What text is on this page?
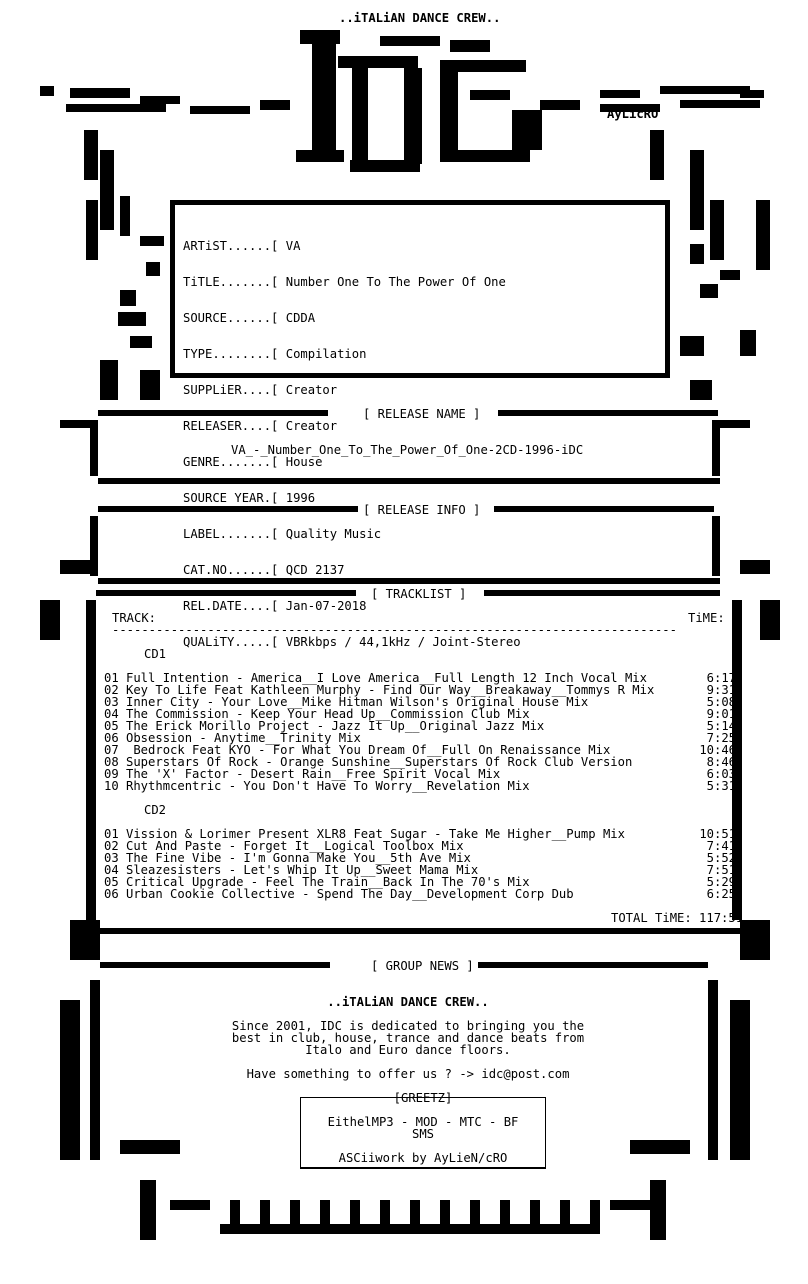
..iTALiAN DANCE CREW..
AyLicRO

ARTiST......[ VA

TiTLE.......[ Number One To The Power Of One

SOURCE......[ CDDA

TYPE........[ Compilation

SUPPLiER....[ Creator

RELEASER....[ Creator

GENRE.......[ House

SOURCE YEAR.[ 1996

LABEL.......[ Quality Music

CAT.NO......[ QCD 2137

REL.DATE....[ Jan-07-2018

QUALiTY.....[ VBRkbps / 44,1kHz / Joint-Stereo

[ RELEASE NAME ]
VA_-_Number_One_To_The_Power_Of_One-2CD-1996-iDC
[ RELEASE INFO ]
[ TRACKLIST ]
TRACK:	TiME:
-----------------------------------------------------------------------------
CD1
01 Full Intention - America__I Love America__Full Length 12 Inch Vocal Mix	6:17
02 Key To Life Feat Kathleen Murphy - Find Our Way__Breakaway__Tommys R Mix	9:31
03 Inner City - Your Love__Mike Hitman Wilson's Original House Mix	5:08
04 The Commission - Keep Your Head Up__Commission Club Mix	9:01
05 The Erick Morillo Project - Jazz It Up__Original Jazz Mix	5:14
06 Obsession - Anytime__Trinity Mix	7:25
07  Bedrock Feat KYO - For What You Dream Of__Full On Renaissance Mix	10:46
08 Superstars Of Rock - Orange Sunshine__Superstars Of Rock Club Version	8:46
09 The 'X' Factor - Desert Rain__Free Spirit Vocal Mix	6:03
10 Rhythmcentric - You Don't Have To Worry__Revelation Mix	5:31
CD2
01 Vission & Lorimer Present XLR8 Feat Sugar - Take Me Higher__Pump Mix	10:51
02 Cut And Paste - Forget It__Logical Toolbox Mix	7:41
03 The Fine Vibe - I'm Gonna Make You__5th Ave Mix	5:52
04 Sleazesisters - Let's Whip It Up__Sweet Mama Mix	7:51
05 Critical Upgrade - Feel The Train__Back In The 70's Mix	5:29
06 Urban Cookie Collective - Spend The Day__Development Corp Dub	6:25
TOTAL TiME: 117:51
[ GROUP NEWS ]
..iTALiAN DANCE CREW..
Since 2001, IDC is dedicated to bringing you the
best in club, house, trance and dance beats from
Italo and Euro dance floors.
Have something to offer us ? -> idc@post.com
[GREETZ]
EithelMP3 - MOD - MTC - BF
SMS
ASCiiwork by AyLieN/cRO
